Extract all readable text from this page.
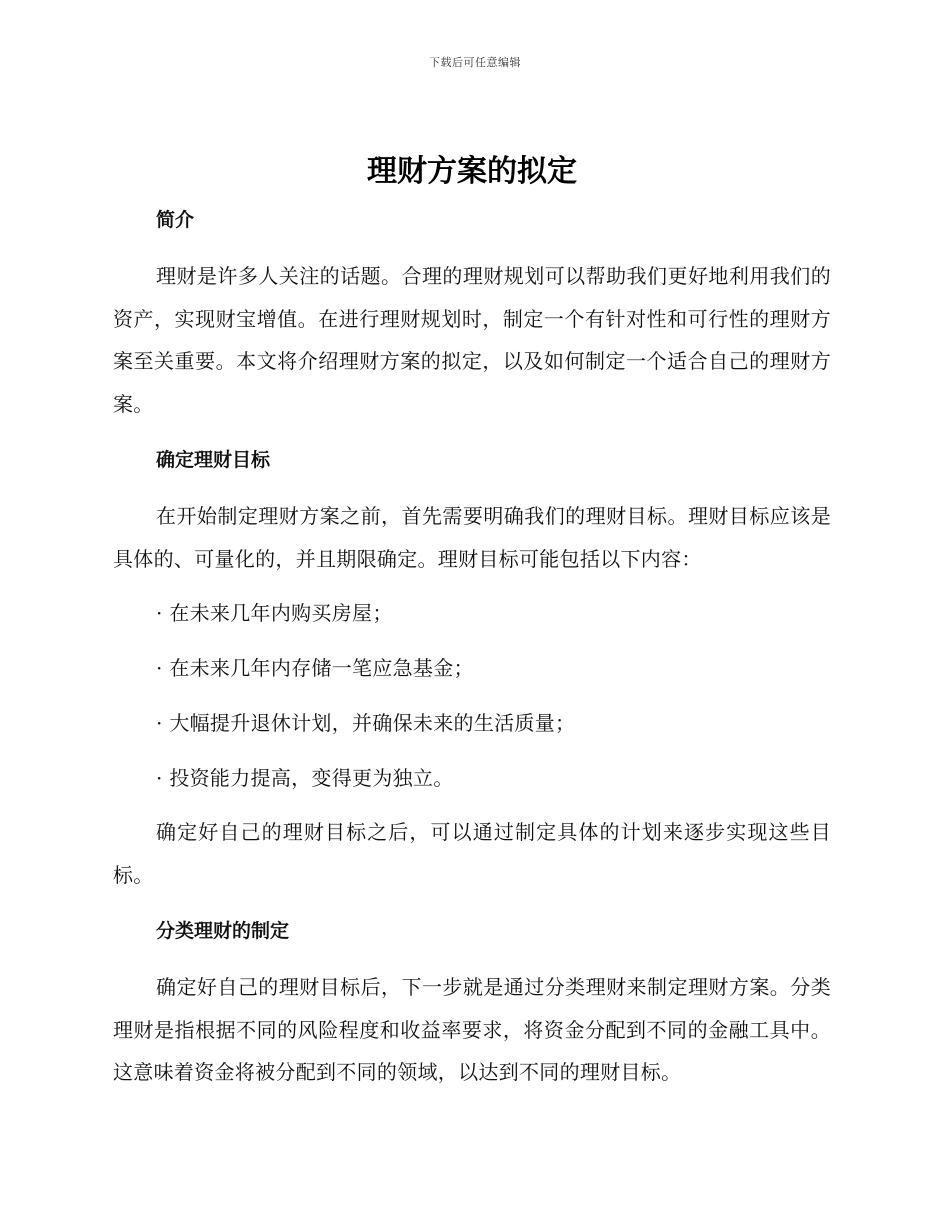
下载后可任意编辑
理财方案的拟定
简介

理财是许多人关注的话题。合理的理财规划可以帮助我们更好地利用我们的资产，实现财宝增值。在进行理财规划时，制定一个有针对性和可行性的理财方案至关重要。本文将介绍理财方案的拟定，以及如何制定一个适合自己的理财方案。

确定理财目标

在开始制定理财方案之前，首先需要明确我们的理财目标。理财目标应该是具体的、可量化的，并且期限确定。理财目标可能包括以下内容：

· 在未来几年内购买房屋；

· 在未来几年内存储一笔应急基金；

· 大幅提升退休计划，并确保未来的生活质量；

· 投资能力提高，变得更为独立。

确定好自己的理财目标之后，可以通过制定具体的计划来逐步实现这些目标。

分类理财的制定

确定好自己的理财目标后，下一步就是通过分类理财来制定理财方案。分类理财是指根据不同的风险程度和收益率要求，将资金分配到不同的金融工具中。这意味着资金将被分配到不同的领域，以达到不同的理财目标。
